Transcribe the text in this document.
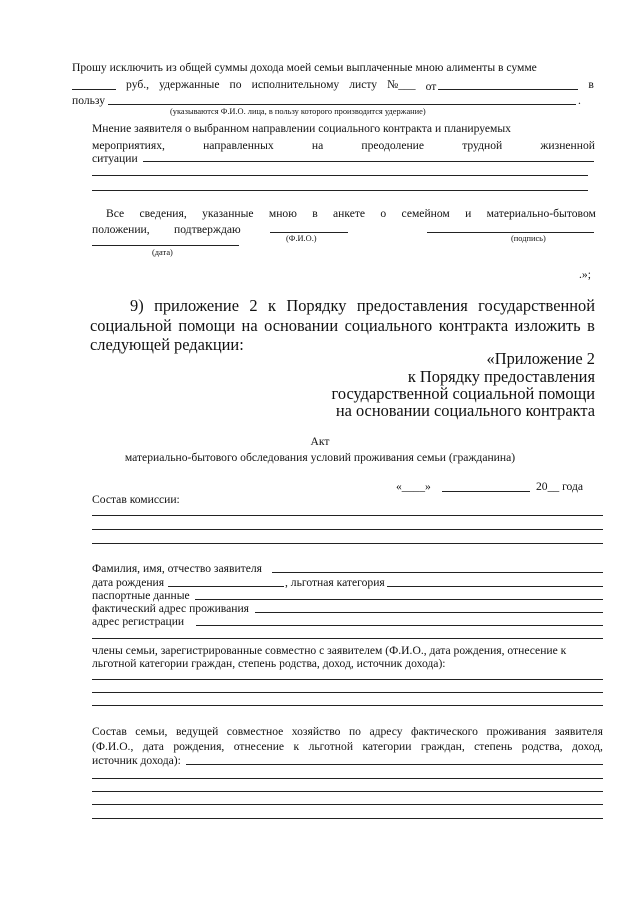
Прошу исключить из общей суммы дохода моей семьи выплаченные мною алименты в сумме
руб., удержанные по исполнительному листу №___ от	в
пользу	.
(указываются Ф.И.О. лица, в пользу которого производится удержание)
Мнение заявителя о выбранном направлении социального контракта и планируемых
мероприятиях,	направленных	на	преодоление	трудной	жизненной
ситуации
Все сведения, указанные мною в анкете о семейном и материально-бытовом
положении, подтверждаю
(Ф.И.О.)	(подпись)
(дата)
.»;
9) приложение 2 к Порядку предоставления государственной
социальной помощи на основании социального контракта изложить в
следующей редакции:
«Приложение 2
к Порядку предоставления
государственной социальной помощи
на основании социального контракта
Акт
материально-бытового обследования условий проживания семьи (гражданина)
«____»	20__ года
Состав комиссии:
Фамилия, имя, отчество заявителя
дата рождения	, льготная категория
паспортные данные
фактический адрес проживания
адрес регистрации
члены семьи, зарегистрированные совместно с заявителем (Ф.И.О., дата рождения, отнесение к
льготной категории граждан, степень родства, доход, источник дохода):
Состав семьи, ведущей совместное хозяйство по адресу фактического проживания заявителя
(Ф.И.О., дата рождения, отнесение к льготной категории граждан, степень родства, доход,
источник дохода):
